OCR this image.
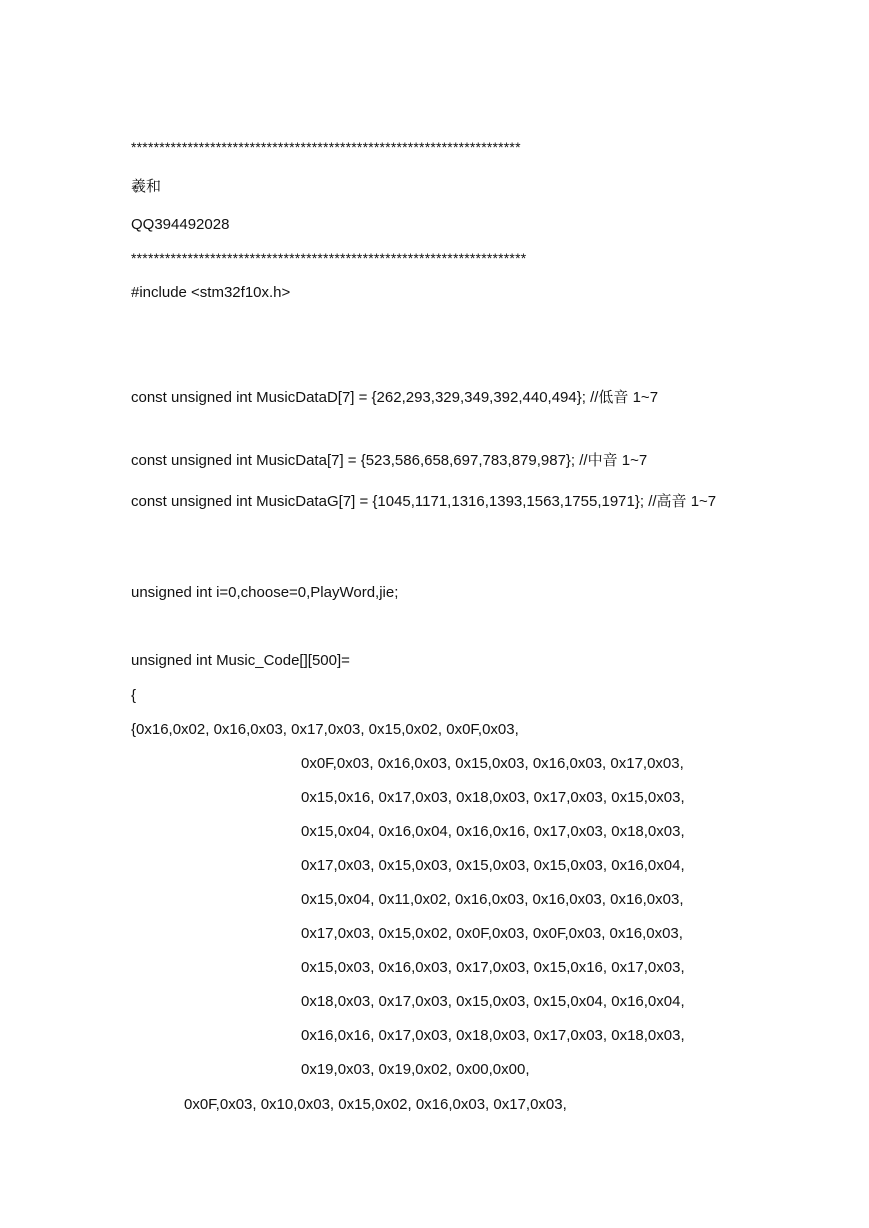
*********************************************************************
羲和
QQ394492028
**********************************************************************
#include <stm32f10x.h>
const unsigned int MusicDataD[7] = {262,293,329,349,392,440,494}; //低音 1~7
const unsigned int MusicData[7] = {523,586,658,697,783,879,987}; //中音 1~7
const unsigned int MusicDataG[7] = {1045,1171,1316,1393,1563,1755,1971}; //高音 1~7
unsigned int i=0,choose=0,PlayWord,jie;
unsigned int Music_Code[][500]=
{
{0x16,0x02, 0x16,0x03, 0x17,0x03, 0x15,0x02, 0x0F,0x03,
0x0F,0x03, 0x16,0x03, 0x15,0x03, 0x16,0x03, 0x17,0x03,
0x15,0x16, 0x17,0x03, 0x18,0x03, 0x17,0x03, 0x15,0x03,
0x15,0x04, 0x16,0x04, 0x16,0x16, 0x17,0x03, 0x18,0x03,
0x17,0x03, 0x15,0x03, 0x15,0x03, 0x15,0x03, 0x16,0x04,
0x15,0x04, 0x11,0x02, 0x16,0x03, 0x16,0x03, 0x16,0x03,
0x17,0x03, 0x15,0x02, 0x0F,0x03, 0x0F,0x03, 0x16,0x03,
0x15,0x03, 0x16,0x03, 0x17,0x03, 0x15,0x16, 0x17,0x03,
0x18,0x03, 0x17,0x03, 0x15,0x03, 0x15,0x04, 0x16,0x04,
0x16,0x16, 0x17,0x03, 0x18,0x03, 0x17,0x03, 0x18,0x03,
0x19,0x03, 0x19,0x02, 0x00,0x00,
0x0F,0x03, 0x10,0x03, 0x15,0x02, 0x16,0x03, 0x17,0x03,
